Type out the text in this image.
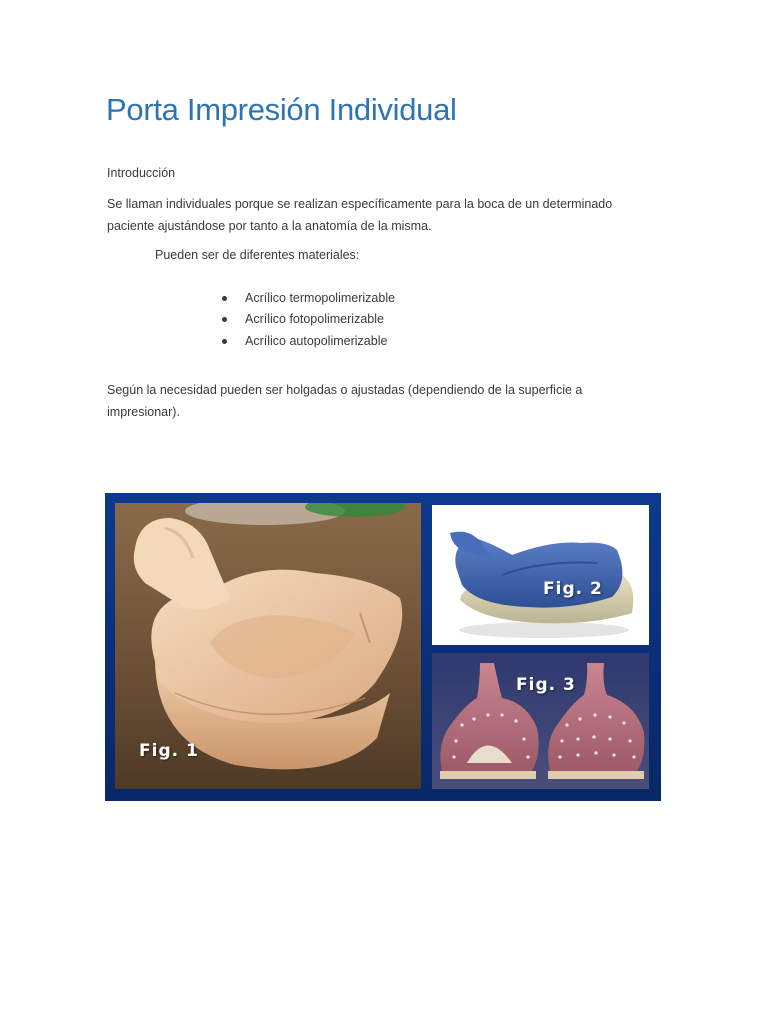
Porta Impresión Individual
Introducción
Se llaman individuales porque se realizan específicamente para la boca de un determinado
paciente ajustándose por tanto a la anatomía de la misma.
Pueden ser de diferentes materiales:
Acrílico termopolimerizable
Acrílico fotopolimerizable
Acrílico autopolimerizable
Según la necesidad pueden ser holgadas o ajustadas (dependiendo de la superficie a
impresionar).
Fig. 1
Fig. 2
Fig. 3
